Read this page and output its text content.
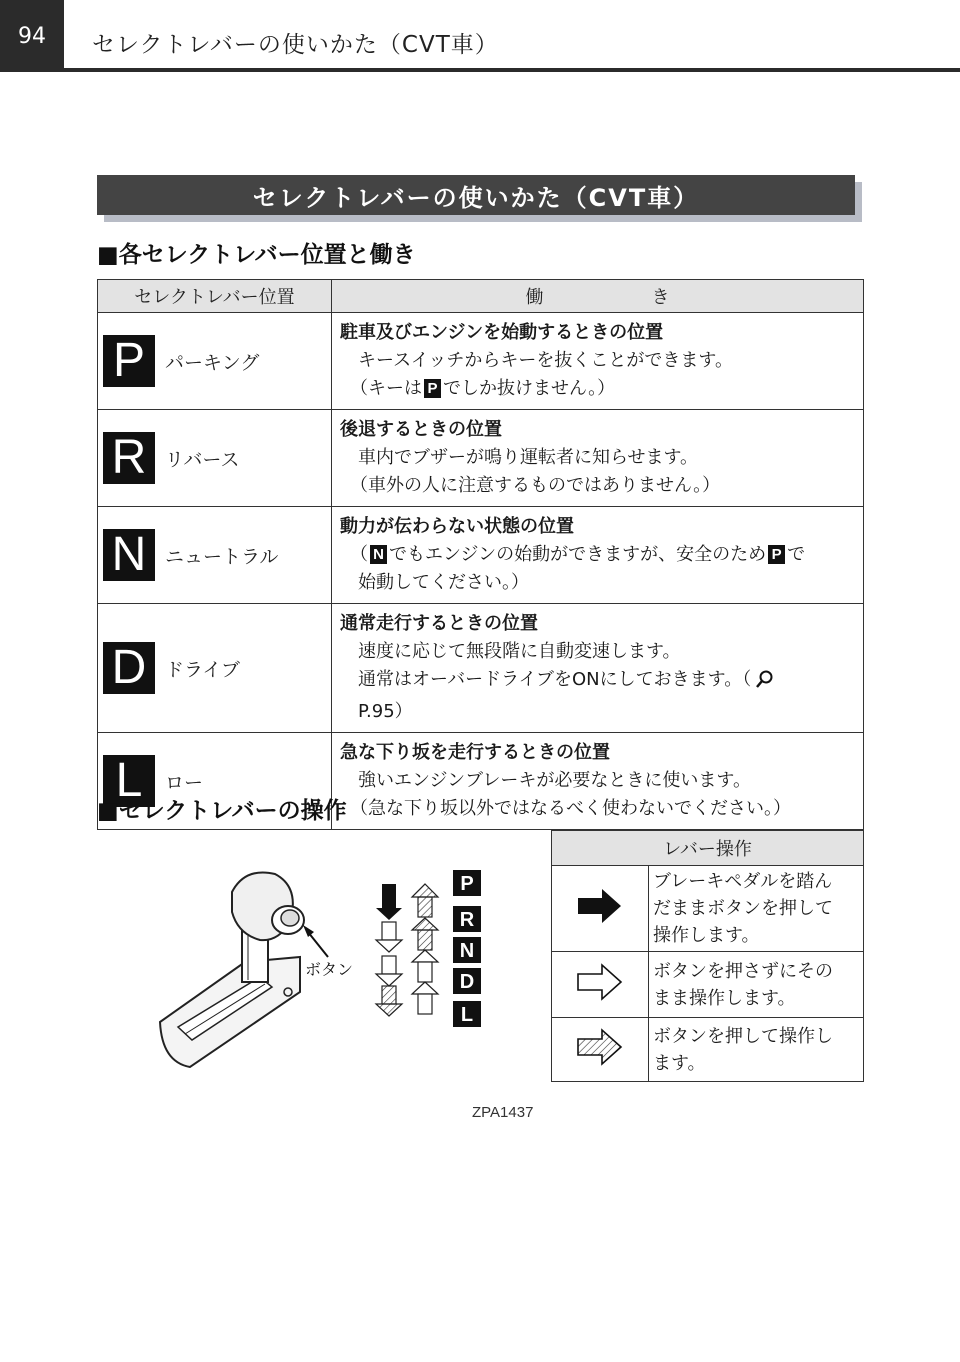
94	セレクトレバーの使いかた（CVT車）
セレクトレバーの使いかた（CVT車）
■各セレクトレバー位置と働き
セレクトレバー位置	働　　　　　　き

P パーキング	駐車及びエンジンを始動するときの位置
キースイッチからキーを抜くことができます。
（キーは P でしか抜けません。）

R リバース	後退するときの位置
車内でブザーが鳴り運転者に知らせます。
（車外の人に注意するものではありません。）

N ニュートラル	動力が伝わらない状態の位置
（ N でもエンジンの始動ができますが、安全のため P で
始動してください。）

D ドライブ	通常走行するときの位置
速度に応じて無段階に自動変速します。
通常はオーバードライブをONにしておきます。（
P.95）

L ロー	急な下り坂を走行するときの位置
強いエンジンブレーキが必要なときに使います。
（急な下り坂以外ではなるべく使わないでください。）
■セレクトレバーの操作
P
R
N
D
L
ボタン
ZPA1437
レバー操作	

ブレーキペダルを踏ん
だままボタンを押して
操作します。

ボタンを押さずにその
まま操作します。

ボタンを押して操作し
ます。
